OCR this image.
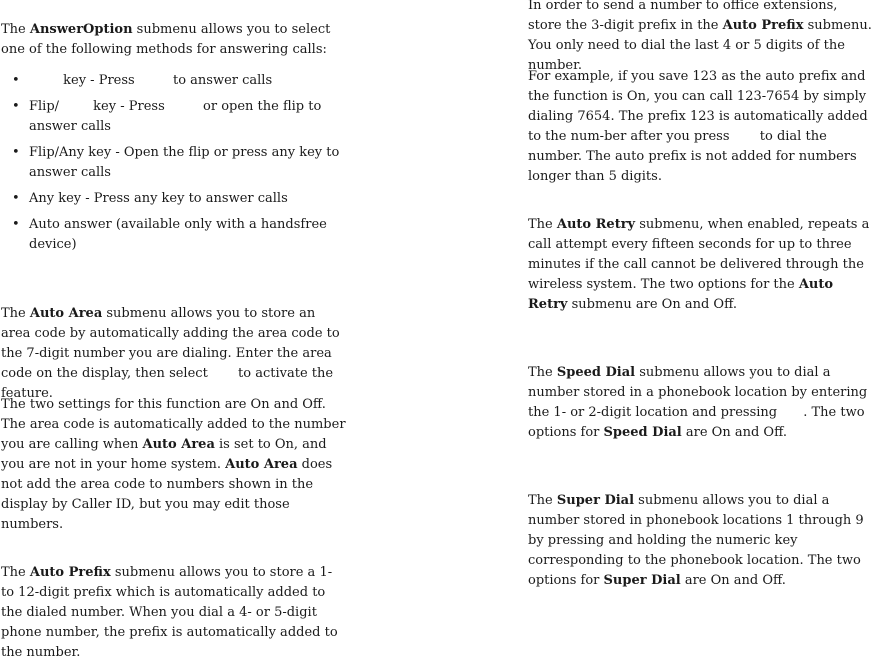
The AnswerOption submenu allows you to select one of the following methods for answering calls:

•	key - Press  to answer calls
• Flip/ key - Press  or open the flip to answer calls
• Flip/Any key - Open the flip or press any key to answer calls
• Any key - Press any key to answer calls
• Auto answer (available only with a handsfree device)

The Auto Area submenu allows you to store an area code by automatically adding the area code to the 7-digit number you are dialing. Enter the area code on the display, then select  to activate the feature.

The two settings for this function are On and Off. The area code is automatically added to the number you are calling when Auto Area is set to On, and you are not in your home system. Auto Area does not add the area code to numbers shown in the display by Caller ID, but you may edit those numbers.

The Auto Prefix submenu allows you to store a 1- to 12-digit prefix which is automatically added to the dialed number. When you dial a 4- or 5-digit phone number, the prefix is automatically added to the number.

In order to send a number to office extensions, store the 3-digit prefix in the Auto Prefix submenu. You only need to dial the last 4 or 5 digits of the number.

For example, if you save 123 as the auto prefix and the function is On, you can call 123-7654 by simply dialing 7654. The prefix 123 is automatically added to the num-ber after you press  to dial the number. The auto prefix is not added for numbers longer than 5 digits.

The Auto Retry submenu, when enabled, repeats a call attempt every fifteen seconds for up to three minutes if the call cannot be delivered through the wireless system. The two options for the Auto Retry submenu are On and Off.

The Speed Dial submenu allows you to dial a number stored in a phonebook location by entering the 1- or 2-digit location and pressing . The two options for Speed Dial are On and Off.

The Super Dial submenu allows you to dial a number stored in phonebook locations 1 through 9 by pressing and holding the numeric key corresponding to the phonebook location. The two options for Super Dial are On and Off.
